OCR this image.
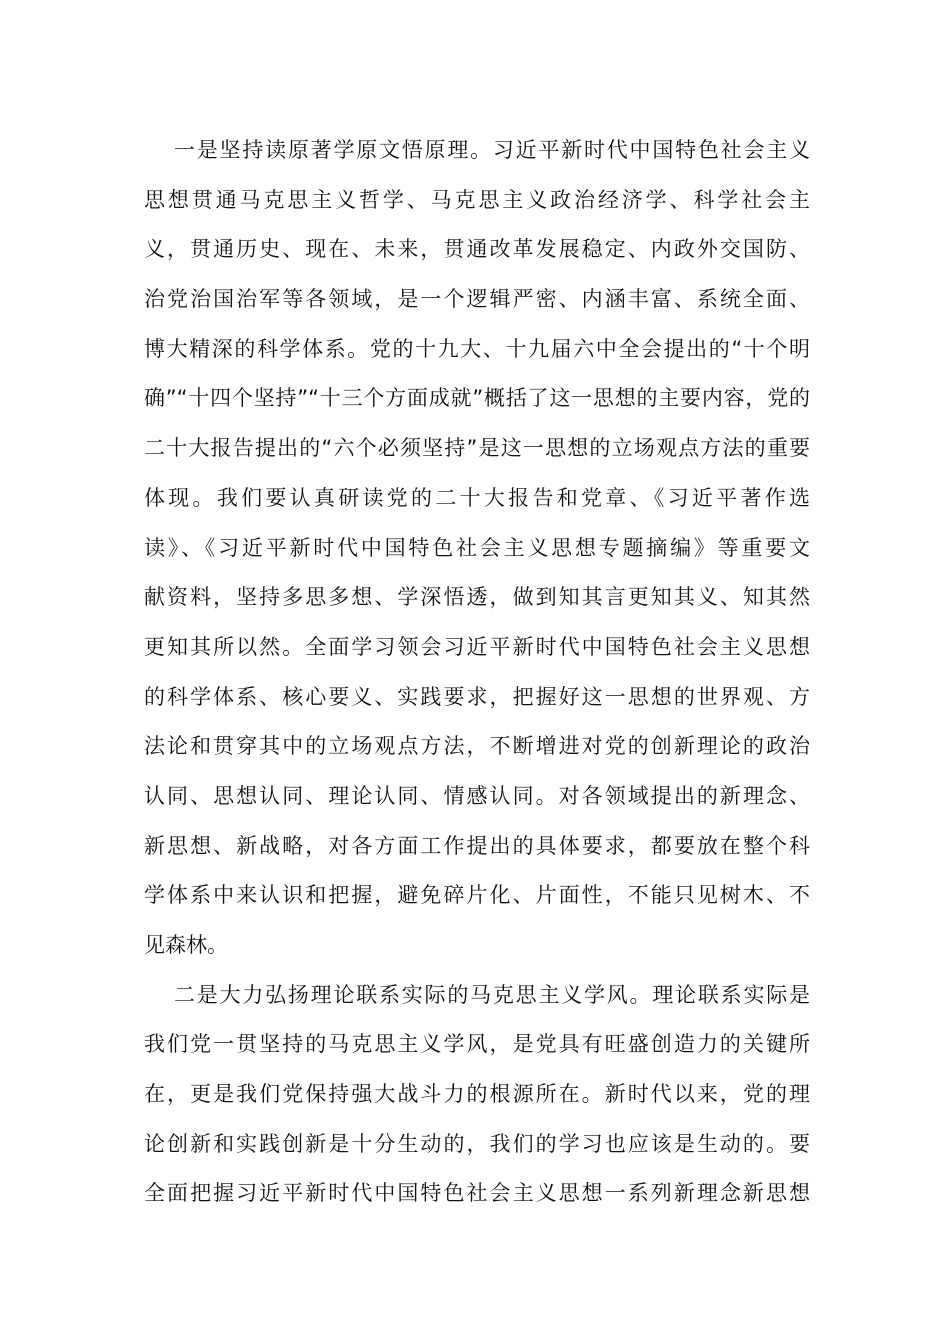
一是坚持读原著学原文悟原理。习近平新时代中国特色社会主义
思想贯通马克思主义哲学、马克思主义政治经济学、科学社会主
义，贯通历史、现在、未来，贯通改革发展稳定、内政外交国防、
治党治国治军等各领域，是一个逻辑严密、内涵丰富、系统全面、
博大精深的科学体系。党的十九大、十九届六中全会提出的“十个明
确”“十四个坚持”“十三个方面成就”概括了这一思想的主要内容，党的
二十大报告提出的“六个必须坚持”是这一思想的立场观点方法的重要
体现。我们要认真研读党的二十大报告和党章、《习近平著作选
读》、《习近平新时代中国特色社会主义思想专题摘编》等重要文
献资料，坚持多思多想、学深悟透，做到知其言更知其义、知其然
更知其所以然。全面学习领会习近平新时代中国特色社会主义思想
的科学体系、核心要义、实践要求，把握好这一思想的世界观、方
法论和贯穿其中的立场观点方法，不断增进对党的创新理论的政治
认同、思想认同、理论认同、情感认同。对各领域提出的新理念、
新思想、新战略，对各方面工作提出的具体要求，都要放在整个科
学体系中来认识和把握，避免碎片化、片面性，不能只见树木、不
见森林。
二是大力弘扬理论联系实际的马克思主义学风。理论联系实际是
我们党一贯坚持的马克思主义学风，是党具有旺盛创造力的关键所
在，更是我们党保持强大战斗力的根源所在。新时代以来，党的理
论创新和实践创新是十分生动的，我们的学习也应该是生动的。要
全面把握习近平新时代中国特色社会主义思想一系列新理念新思想
